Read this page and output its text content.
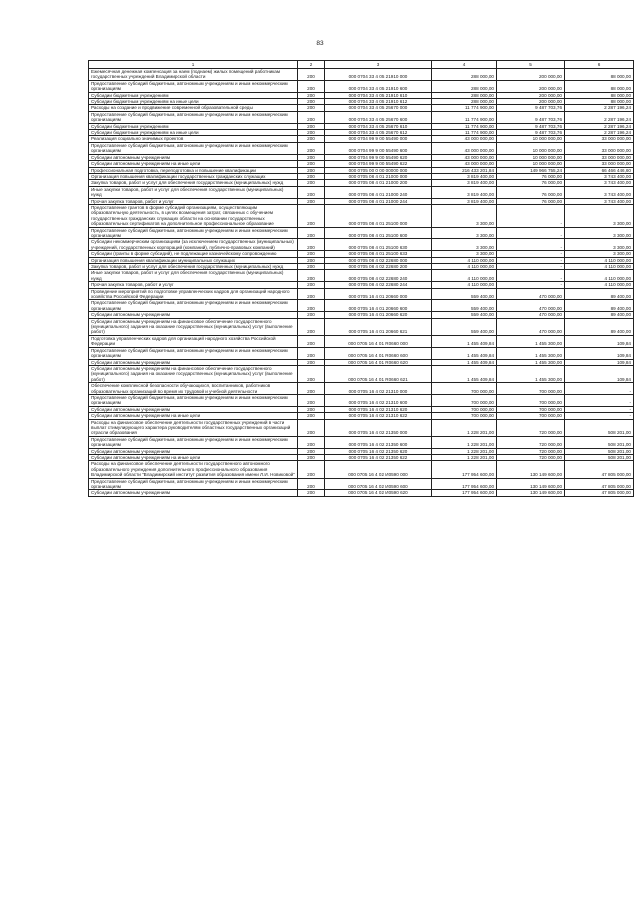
83
1	2	3	4	5	6
Ежемесячная денежная компенсация за наем (поднаем) жилых помещений работникам государственных учреждений Владимирской области	200	000 0704 33 4 05 21910 000	288 000,00	200 000,00	88 000,00
Предоставление субсидий бюджетным, автономным учреждениям и иным некоммерческим организациям	200	000 0704 33 4 05 21910 600	288 000,00	200 000,00	88 000,00
Субсидии бюджетным учреждениям	200	000 0704 33 4 05 21910 610	288 000,00	200 000,00	88 000,00
Субсидии бюджетным учреждениям на иные цели	200	000 0704 33 4 05 21910 612	288 000,00	200 000,00	88 000,00
Расходы на создание и продвижение современной образовательной среды	200	000 0704 33 4 05 25670 000	11 774 900,00	9 487 703,76	2 287 196,24
Предоставление субсидий бюджетным, автономным учреждениям и иным некоммерческим организациям	200	000 0704 33 4 05 25670 600	11 774 900,00	9 487 703,76	2 287 196,24
Субсидии бюджетным учреждениям	200	000 0704 33 4 05 25670 610	11 774 900,00	9 487 703,76	2 287 196,24
Субсидии бюджетным учреждениям на иные цели	200	000 0704 33 4 05 25670 612	11 774 900,00	9 487 703,76	2 287 196,24
Реализация социально значимых проектов	200	000 0704 99 9 00 55490 000	43 000 000,00	10 000 000,00	33 000 000,00
Предоставление субсидий бюджетным, автономным учреждениям и иным некоммерческим организациям	200	000 0704 99 9 00 55490 600	43 000 000,00	10 000 000,00	33 000 000,00
Субсидии автономным учреждениям	200	000 0704 99 9 00 55490 620	43 000 000,00	10 000 000,00	33 000 000,00
Субсидии автономным учреждениям на иные цели	200	000 0704 99 9 00 55490 622	43 000 000,00	10 000 000,00	33 000 000,00
Профессиональная подготовка, переподготовка и повышение квалификации	200	000 0705 00 0 00 00000 000	216 433 201,84	149 966 755,24	66 466 446,60
Организация повышения квалификации государственных гражданских служащих	200	000 0705 08 4 01 21000 000	3 819 400,00	76 000,00	3 743 400,00
Закупка товаров, работ и услуг для обеспечения государственных (муниципальных) нужд	200	000 0705 08 4 01 21000 200	3 819 400,00	76 000,00	3 743 400,00
Иные закупки товаров, работ и услуг для обеспечения государственных (муниципальных) нужд	200	000 0705 08 4 01 21000 240	3 819 400,00	76 000,00	3 743 400,00
Прочая закупка товаров, работ и услуг	200	000 0705 08 4 01 21000 244	3 819 400,00	76 000,00	3 743 400,00
Предоставление грантов в форме субсидий организациям, осуществляющим образовательную деятельность, в целях возмещения затрат, связанных с обучением государственных гражданских служащих области на основании государственных образовательных сертификатов на дополнительное профессиональное образование	200	000 0705 08 4 01 25100 000	3 300,00	-	3 300,00
Предоставление субсидий бюджетным, автономным учреждениям и иным некоммерческим организациям	200	000 0705 08 4 01 25100 600	3 300,00	-	3 300,00
Субсидии некоммерческим организациям (за исключением государственных (муниципальных) учреждений, государственных корпораций (компаний), публично-правовых компаний)	200	000 0705 08 4 01 25100 630	3 300,00	-	3 300,00
Субсидии (гранты в форме субсидий), не подлежащие казначейскому сопровождению	200	000 0705 08 4 01 25100 633	3 300,00	-	3 300,00
Организация повышения квалификации муниципальных служащих	200	000 0705 08 4 02 22680 000	4 110 000,00	-	4 110 000,00
Закупка товаров, работ и услуг для обеспечения государственных (муниципальных) нужд	200	000 0705 08 4 02 22680 200	4 110 000,00	-	4 110 000,00
Иные закупки товаров, работ и услуг для обеспечения государственных (муниципальных) нужд	200	000 0705 08 4 02 22680 240	4 110 000,00	-	4 110 000,00
Прочая закупка товаров, работ и услуг	200	000 0705 08 4 02 22680 244	4 110 000,00	-	4 110 000,00
Проведение мероприятий по подготовке управленческих кадров для организаций народного хозяйства Российской Федерации	200	000 0705 16 4 01 20660 000	559 400,00	470 000,00	89 400,00
Предоставление субсидий бюджетным, автономным учреждениям и иным некоммерческим организациям	200	000 0705 16 4 01 20660 600	559 400,00	470 000,00	89 400,00
Субсидии автономным учреждениям	200	000 0705 16 4 01 20660 620	559 400,00	470 000,00	89 400,00
Субсидии автономным учреждениям на финансовое обеспечение государственного (муниципального) задания на оказание государственных (муниципальных) услуг (выполнение работ)	200	000 0705 16 4 01 20660 621	559 400,00	470 000,00	89 400,00
Подготовка управленческих кадров для организаций народного хозяйства Российской Федерации	200	000 0705 16 4 01 R0660 000	1 455 409,84	1 455 300,00	109,84
Предоставление субсидий бюджетным, автономным учреждениям и иным некоммерческим организациям	200	000 0705 16 4 01 R0660 600	1 455 409,84	1 455 300,00	109,84
Субсидии автономным учреждениям	200	000 0705 16 4 01 R0660 620	1 455 409,84	1 455 300,00	109,84
Субсидии автономным учреждениям на финансовое обеспечение государственного (муниципального) задания на оказание государственных (муниципальных) услуг (выполнение работ)	200	000 0705 16 4 01 R0660 621	1 455 409,84	1 455 300,00	109,84
Обеспечение комплексной безопасности обучающихся, воспитанников, работников образовательных организаций во время их трудовой и учебной деятельности	200	000 0705 16 4 02 21310 000	700 000,00	700 000,00	-
Предоставление субсидий бюджетным, автономным учреждениям и иным некоммерческим организациям	200	000 0705 16 4 02 21310 600	700 000,00	700 000,00	-
Субсидии автономным учреждениям	200	000 0705 16 4 02 21310 620	700 000,00	700 000,00	-
Субсидии автономным учреждениям на иные цели	200	000 0705 16 4 02 21310 622	700 000,00	700 000,00	-
Расходы на финансовое обеспечение деятельности государственных учреждений в части выплат стимулирующего характера руководителям областных государственных организаций отрасли образования	200	000 0705 16 4 02 21350 000	1 228 201,00	720 000,00	508 201,00
Предоставление субсидий бюджетным, автономным учреждениям и иным некоммерческим организациям	200	000 0705 16 4 02 21350 600	1 228 201,00	720 000,00	508 201,00
Субсидии автономным учреждениям	200	000 0705 16 4 02 21350 620	1 228 201,00	720 000,00	508 201,00
Субсидии автономным учреждениям на иные цели	200	000 0705 16 4 02 21350 622	1 228 201,00	720 000,00	508 201,00
Расходы на финансовое обеспечение деятельности государственного автономного образовательного учреждения дополнительного профессионального образования Владимирской области "Владимирский институт развития образования имени Л.И. Новиковой"	200	000 0705 16 4 02 И0590 000	177 954 600,00	130 149 600,00	47 805 000,00
Предоставление субсидий бюджетным, автономным учреждениям и иным некоммерческим организациям	200	000 0705 16 4 02 И0590 600	177 954 600,00	130 149 600,00	47 805 000,00
Субсидии автономным учреждениям	200	000 0705 16 4 02 И0590 620	177 954 600,00	130 149 600,00	47 805 000,00
